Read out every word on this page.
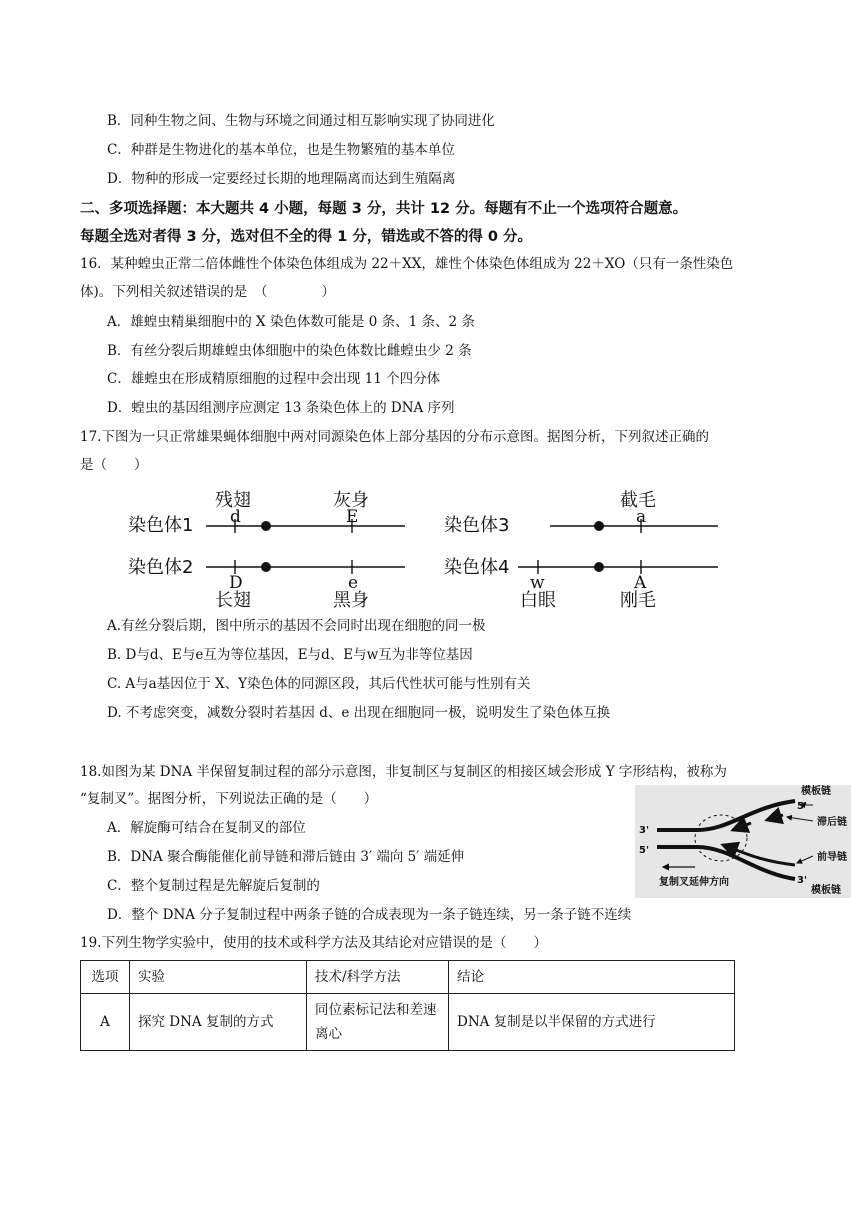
B．同种生物之间、生物与环境之间通过相互影响实现了协同进化
C．种群是生物进化的基本单位，也是生物繁殖的基本单位
D．物种的形成一定要经过长期的地理隔离而达到生殖隔离
二、多项选择题：本大题共 4 小题，每题 3 分，共计 12 分。每题有不止一个选项符合题意。
每题全选对者得 3 分，选对但不全的得 1 分，错选或不答的得 0 分。
16．某种蝗虫正常二倍体雌性个体染色体组成为 22＋XX，雄性个体染色体组成为 22＋XO（只有一条性染色
体)。下列相关叙述错误的是　（　　　　）
A．雄蝗虫精巢细胞中的 X 染色体数可能是 0 条、1 条、2 条
B．有丝分裂后期雄蝗虫体细胞中的染色体数比雌蝗虫少 2 条
C．雄蝗虫在形成精原细胞的过程中会出现 11 个四分体
D．蝗虫的基因组测序应测定 13 条染色体上的 DNA 序列
17.下图为一只正常雄果蝇体细胞中两对同源染色体上部分基因的分布示意图。据图分析，下列叙述正确的
是（　　）
染色体1
染色体2
残翅	灰身
d	E
D	e
长翅	黑身
染色体3
染色体4
截毛
a
w	A
白眼	刚毛
A.有丝分裂后期，图中所示的基因不会同时出现在细胞的同一极
B. D与d、E与e互为等位基因，E与d、E与w互为非等位基因
C. A与a基因位于 X、Y染色体的同源区段，其后代性状可能与性别有关
D. 不考虑突变，减数分裂时若基因 d、e 出现在细胞同一极，说明发生了染色体互换
18.如图为某 DNA 半保留复制过程的部分示意图，非复制区与复制区的相接区域会形成 Y 字形结构，被称为
“复制叉”。据图分析，下列说法正确的是（　　）
A．解旋酶可结合在复制叉的部位
B．DNA 聚合酶能催化前导链和滞后链由 3′ 端向 5′ 端延伸
C．整个复制过程是先解旋后复制的
D．整个 DNA 分子复制过程中两条子链的合成表现为一条子链连续，另一条子链不连续
模板链
5'
滞后链
3'
5'
前导链
3'
模板链
复制叉延伸方向
19.下列生物学实验中，使用的技术或科学方法及其结论对应错误的是（　　）
选项	实验	技术/科学方法	结论
A	探究 DNA 复制的方式	同位素标记法和差速离心	DNA 复制是以半保留的方式进行
